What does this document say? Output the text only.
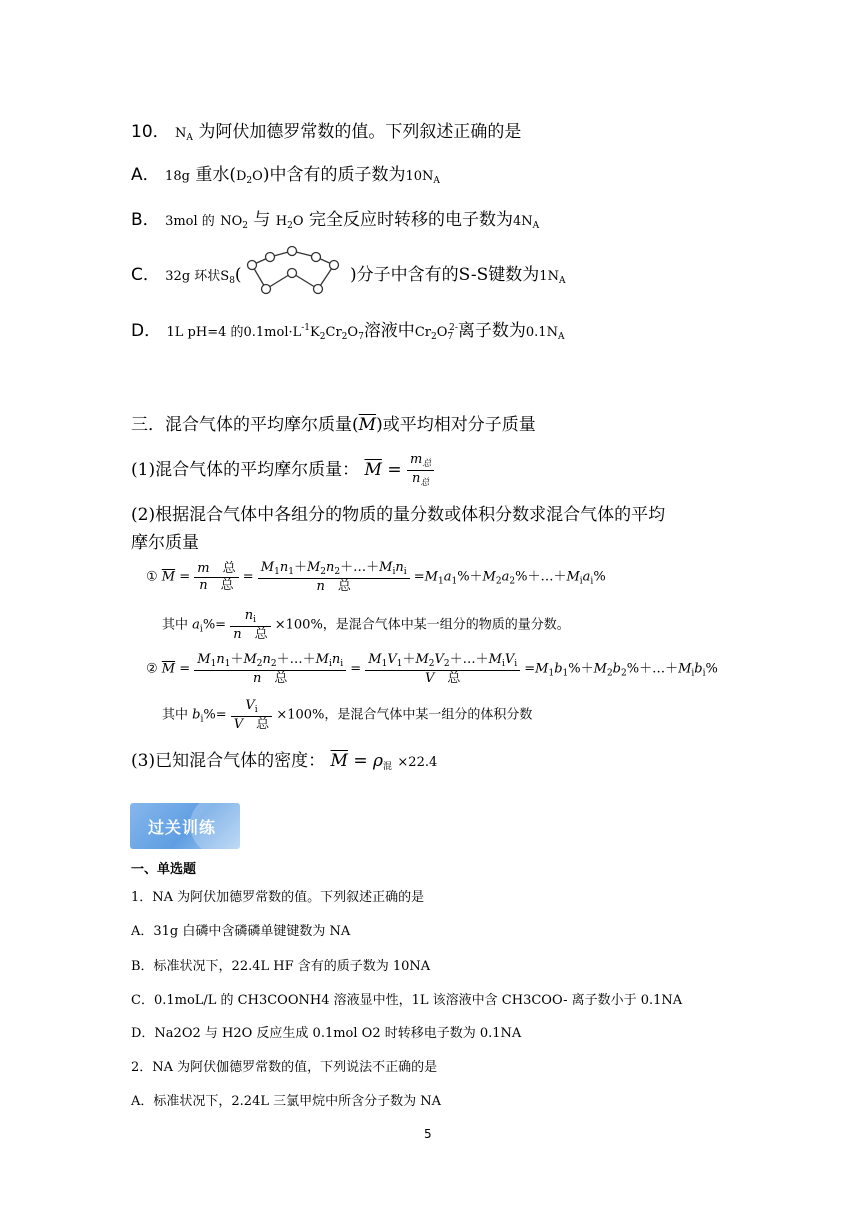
10． $N_A$ 为阿伏加德罗常数的值。下列叙述正确的是
A． 18g 重水$(D_2O)$中含有的质子数为$10N_A$
B． 3mol 的 $NO_2$ 与 $H_2O$ 完全反应时转移的电子数为$4N_A$
C． 32g 环状$S_8$(	)分子中含有的S-S键数为$1N_A$
D． 1L pH=4 的$0.1mol\cdot L^{-1}K_2Cr_2O_7$溶液中$Cr_2O_7^{2-}$离子数为$0.1N_A$
三．混合气体的平均摩尔质量$(\overline{M})$或平均相对分子质量
(1)混合气体的平均摩尔质量： $\overline{M} = \frac{m_总}{n_总}$
(2)根据混合气体中各组分的物质的量分数或体积分数求混合气体的平均
摩尔质量
① $\overline{M} = \frac{\text{m　总}}{\text{n　总}} = \frac{M_1n_1+M_2n_2+\dots+M_in_i}{\text{n　总}}$ $=M_1a_1\%+M_2a_2\%+\dots+M_ia_i\%$
其中 $a_i\%= \frac{n_i}{\text{n　总}} \times 100\%$，是混合气体中某一组分的物质的量分数。
② $\overline{M} = \frac{M_1n_1+M_2n_2+\dots+M_in_i}{\text{n　总}} = \frac{M_1V_1+M_2V_2+\dots+M_iV_i}{\text{V　总}}$ $=M_1b_1\%+M_2b_2\%+\dots+M_ib_i\%$
其中 $b_i\%= \frac{V_i}{\text{V　总}} \times 100\%$，是混合气体中某一组分的体积分数
(3)已知混合气体的密度： $\overline{M} = \rho_混 \times 22.4$
过关训练
一、单选题
1．NA 为阿伏加德罗常数的值。下列叙述正确的是
A．31g 白磷中含磷磷单键键数为 NA
B．标准状况下，22.4L HF 含有的质子数为 10NA
C．0.1moL/L 的 CH3COONH4 溶液显中性，1L 该溶液中含 CH3COO- 离子数小于 0.1NA
D．Na2O2 与 H2O 反应生成 0.1mol O2 时转移电子数为 0.1NA
2．NA 为阿伏伽德罗常数的值，下列说法不正确的是
A．标准状况下，2.24L 三氯甲烷中所含分子数为 NA
5
